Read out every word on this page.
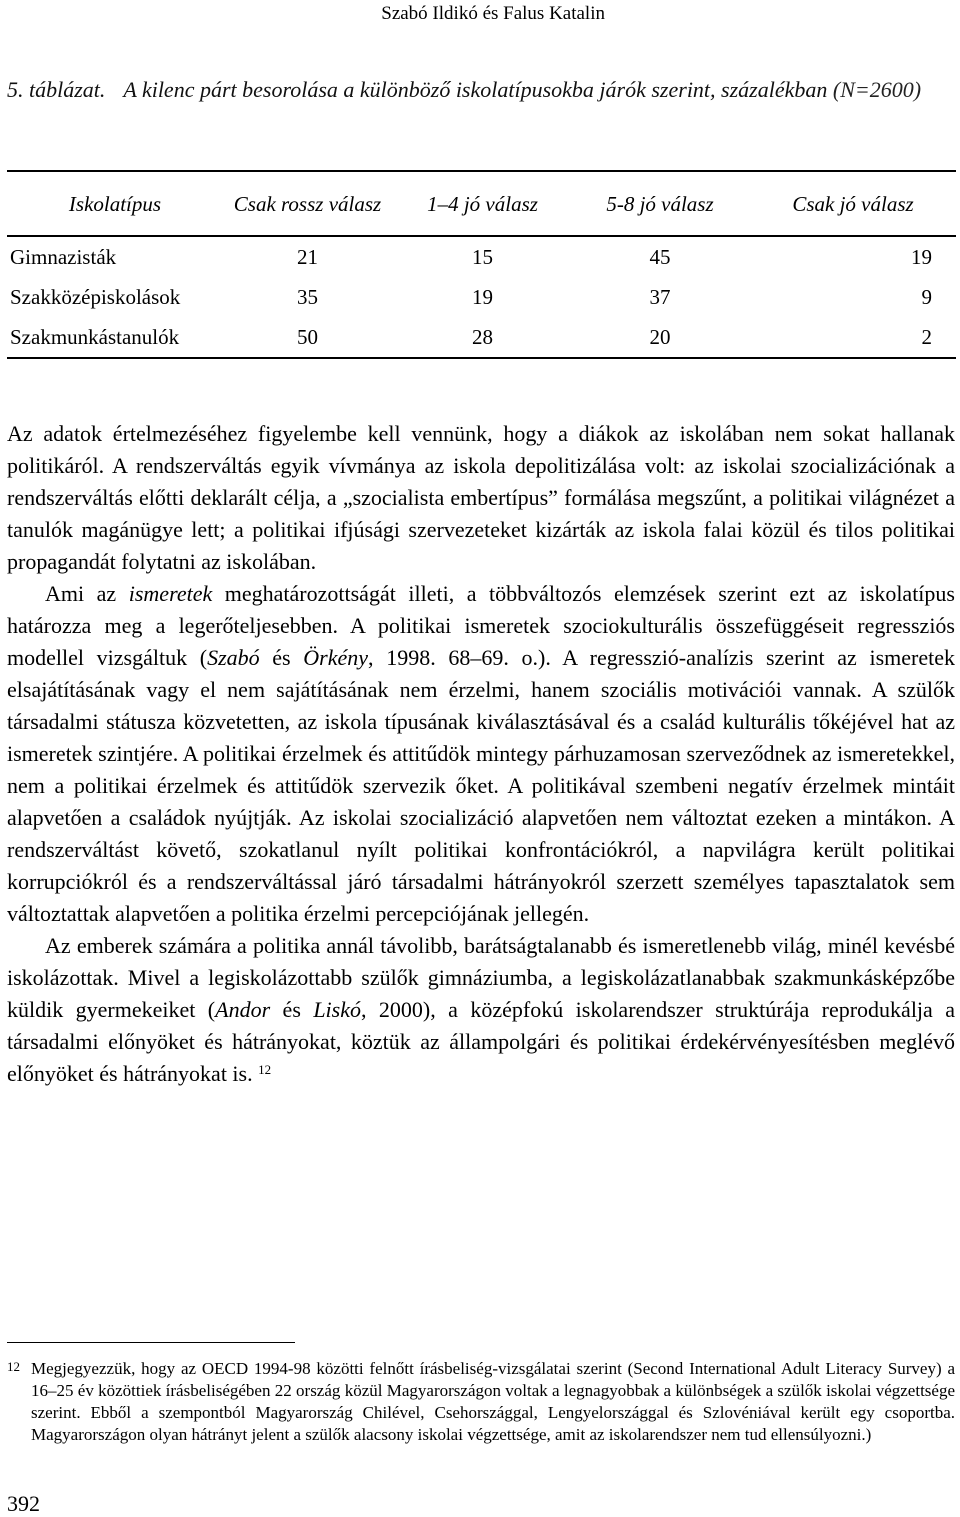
Szabó Ildikó és Falus Katalin
5. táblázat. A kilenc párt besorolása a különböző iskolatípusokba járók szerint, százalékban (N=2600)
Iskolatípus	Csak rossz válasz	1–4 jó válasz	5-8 jó válasz	Csak jó válasz
Gimnazisták	21	15	45	19
Szakközépiskolások	35	19	37	9
Szakmunkástanulók	50	28	20	2

Az adatok értelmezéséhez figyelembe kell vennünk, hogy a diákok az iskolában nem sokat hallanak politikáról. A rendszerváltás egyik vívmánya az iskola depolitizálása volt: az iskolai szocializációnak a rendszerváltás előtti deklarált célja, a „szocialista embertípus” formálása megszűnt, a politikai világnézet a tanulók magánügye lett; a politikai ifjúsági szervezeteket kizárták az iskola falai közül és tilos politikai propagandát folytatni az iskolában.

Ami az ismeretek meghatározottságát illeti, a többváltozós elemzések szerint ezt az iskolatípus határozza meg a legerőteljesebben. A politikai ismeretek szociokulturális összefüggéseit regressziós modellel vizsgáltuk (Szabó és Örkény, 1998. 68–69. o.). A regresszió-analízis szerint az ismeretek elsajátításának vagy el nem sajátításának nem érzelmi, hanem szociális motivációi vannak. A szülők társadalmi státusza közvetetten, az iskola típusának kiválasztásával és a család kulturális tőkéjével hat az ismeretek szintjére. A politikai érzelmek és attitűdök mintegy párhuzamosan szerveződnek az ismeretekkel, nem a politikai érzelmek és attitűdök szervezik őket. A politikával szembeni negatív érzelmek mintáit alapvetően a családok nyújtják. Az iskolai szocializáció alapvetően nem változtat ezeken a mintákon. A rendszerváltást követő, szokatlanul nyílt politikai konfrontációkról, a napvilágra került politikai korrupciókról és a rendszerváltással járó társadalmi hátrányokról szerzett személyes tapasztalatok sem változtattak alapvetően a politika érzelmi percepciójának jellegén.

Az emberek számára a politika annál távolibb, barátságtalanabb és ismeretlenebb világ, minél kevésbé iskolázottak. Mivel a legiskolázottabb szülők gimnáziumba, a legiskolázatlanabbak szakmunkásképzőbe küldik gyermekeiket (Andor és Liskó, 2000), a középfokú iskolarendszer struktúrája reprodukálja a társadalmi előnyöket és hátrányokat, köztük az állampolgári és politikai érdekérvényesítésben meglévő előnyöket és hátrányokat is. $^{12}$

12 Megjegyezzük, hogy az OECD 1994-98 közötti felnőtt írásbeliség-vizsgálatai szerint (Second International Adult Literacy Survey) a 16–25 év közöttiek írásbeliségében 22 ország közül Magyarországon voltak a legnagyobbak a különbségek a szülők iskolai végzettsége szerint. Ebből a szempontból Magyarország Chilével, Csehországgal, Lengyelországgal és Szlovéniával került egy csoportba. Magyarországon olyan hátrányt jelent a szülők alacsony iskolai végzettsége, amit az iskolarendszer nem tud ellensúlyozni.)
392
